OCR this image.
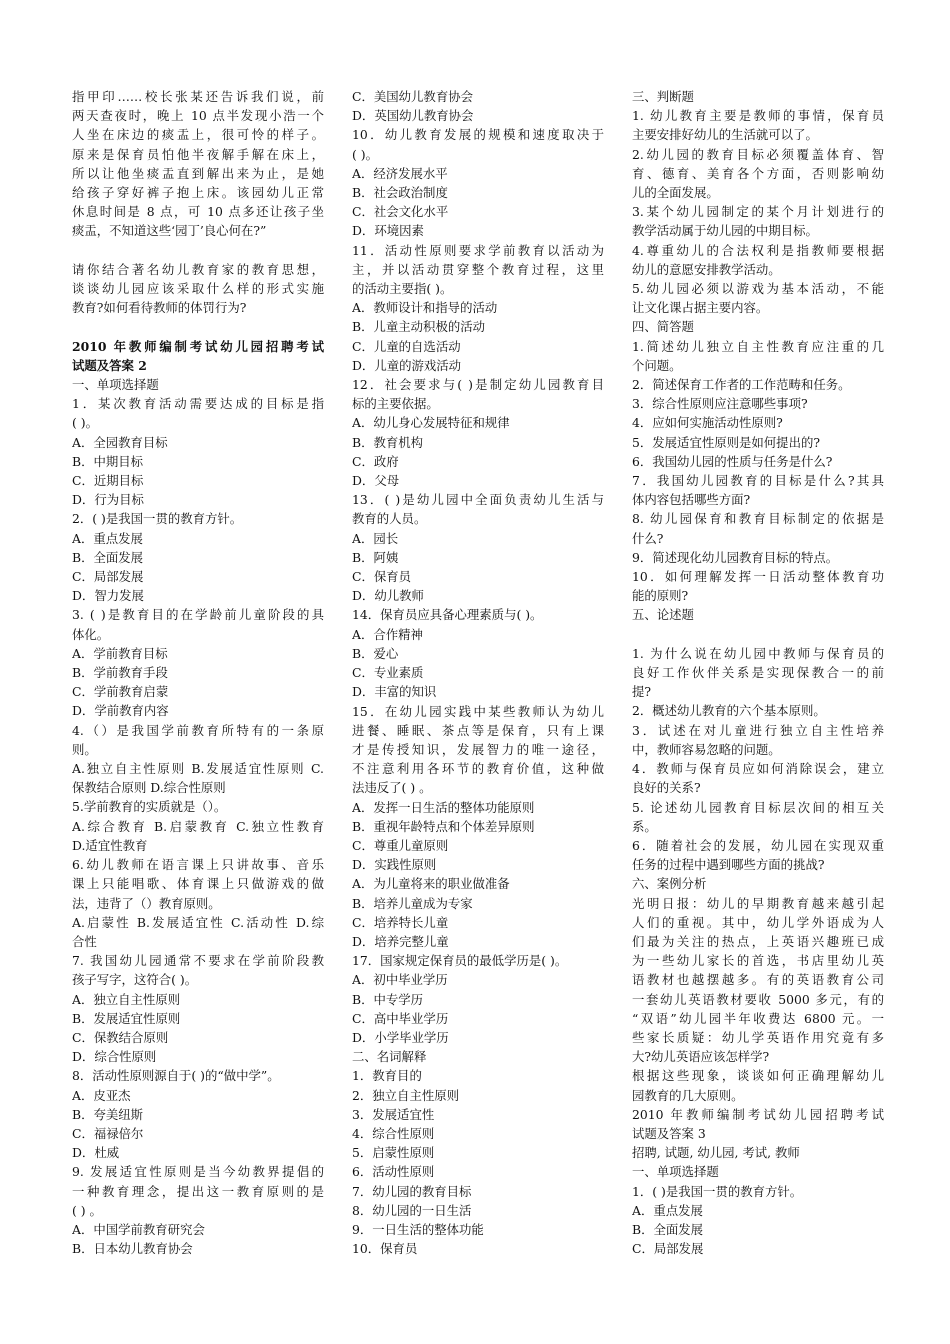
指甲印……校长张某还告诉我们说，前
两天查夜时，晚上 10 点半发现小浩一个
人坐在床边的痰盂上，很可怜的样子。
原来是保育员怕他半夜解手解在床上，
所以让他坐痰盂直到解出来为止，是她
给孩子穿好裤子抱上床。该园幼儿正常
休息时间是 8 点，可 10 点多还让孩子坐
痰盂，不知道这些‘园丁’良心何在?”
请你结合著名幼儿教育家的教育思想，
谈谈幼儿园应该采取什么样的形式实施
教育?如何看待教师的体罚行为?
2010 年教师编制考试幼儿园招聘考试
试题及答案 2
一、单项选择题
1．某次教育活动需要达成的目标是指
( )。
A．全园教育目标
B．中期目标
C．近期目标
D．行为目标
2．( )是我国一贯的教育方针。
A．重点发展
B．全面发展
C．局部发展
D．智力发展
3. ( )是教育目的在学龄前儿童阶段的具
体化。
A．学前教育目标
B．学前教育手段
C．学前教育启蒙
D．学前教育内容
4.（）是我国学前教育所特有的一条原
则。
A.独立自主性原则 B.发展适宜性原则 C.
保教结合原则 D.综合性原则
5.学前教育的实质就是（）。
A.综合教育 B.启蒙教育 C.独立性教育
D.适宜性教育
6.幼儿教师在语言课上只讲故事、音乐
课上只能唱歌、体育课上只做游戏的做
法，违背了（）教育原则。
A.启蒙性 B.发展适宜性 C.活动性 D.综
合性
7. 我国幼儿园通常不要求在学前阶段教
孩子写字，这符合( )。
A．独立自主性原则
B．发展适宜性原则
C．保教结合原则
D．综合性原则
8．活动性原则源自于( )的“做中学”。
A．皮亚杰
B．夸美纽斯
C．福禄倍尔
D．杜威
9. 发展适宜性原则是当今幼教界提倡的
一种教育理念，提出这一教育原则的是
( ) 。
A．中国学前教育研究会
B．日本幼儿教育协会
C．美国幼儿教育协会
D．英国幼儿教育协会
10．幼儿教育发展的规模和速度取决于
( )。
A．经济发展水平
B．社会政治制度
C．社会文化水平
D．环境因素
11．活动性原则要求学前教育以活动为
主，并以活动贯穿整个教育过程，这里
的活动主要指( )。
A．教师设计和指导的活动
B．儿童主动积极的活动
C．儿童的自选活动
D．儿童的游戏活动
12．社会要求与( )是制定幼儿园教育目
标的主要依据。
A．幼儿身心发展特征和规律
B．教育机构
C．政府
D．父母
13．( )是幼儿园中全面负责幼儿生活与
教育的人员。
A．园长
B．阿姨
C．保育员
D．幼儿教师
14．保育员应具备心理素质与( )。
A．合作精神
B．爱心
C．专业素质
D．丰富的知识
15．在幼儿园实践中某些教师认为幼儿
进餐、睡眠、茶点等是保育，只有上课
才是传授知识，发展智力的唯一途径，
不注意利用各环节的教育价值，这种做
法违反了( ) 。
A．发挥一日生活的整体功能原则
B．重视年龄特点和个体差异原则
C．尊重儿童原则
D．实践性原则
A．为儿童将来的职业做准备
B．培养儿童成为专家
C．培养特长儿童
D．培养完整儿童
17．国家规定保育员的最低学历是( )。
A．初中毕业学历
B．中专学历
C．高中毕业学历
D．小学毕业学历
二、名词解释
1．教育目的
2．独立自主性原则
3．发展适宜性
4．综合性原则
5．启蒙性原则
6．活动性原则
7．幼儿园的教育目标
8．幼儿园的一日生活
9．一日生活的整体功能
10．保育员
三、判断题
1. 幼儿教育主要是教师的事情，保育员
主要安排好幼儿的生活就可以了。
2.幼儿园的教育目标必须覆盖体育、智
育、德育、美育各个方面，否则影响幼
儿的全面发展。
3.某个幼儿园制定的某个月计划进行的
教学活动属于幼儿园的中期目标。
4.尊重幼儿的合法权利是指教师要根据
幼儿的意愿安排教学活动。
5.幼儿园必须以游戏为基本活动，不能
让文化课占据主要内容。
四、简答题
1.简述幼儿独立自主性教育应注重的几
个问题。
2．简述保育工作者的工作范畴和任务。
3．综合性原则应注意哪些事项?
4．应如何实施活动性原则?
5．发展适宜性原则是如何提出的?
6．我国幼儿园的性质与任务是什么?
7．我国幼儿园教育的目标是什么?其具
体内容包括哪些方面?
8. 幼儿园保育和教育目标制定的依据是
什么?
9．简述现化幼儿园教育目标的特点。
10．如何理解发挥一日活动整体教育功
能的原则?
五、论述题
1. 为什么说在幼儿园中教师与保育员的
良好工作伙伴关系是实现保教合一的前
提?
2．概述幼儿教育的六个基本原则。
3．试述在对儿童进行独立自主性培养
中，教师容易忽略的问题。
4．教师与保育员应如何消除误会，建立
良好的关系?
5. 论述幼儿园教育目标层次间的相互关
系。
6．随着社会的发展，幼儿园在实现双重
任务的过程中遇到哪些方面的挑战?
六、案例分析
光明日报：幼儿的早期教育越来越引起
人们的重视。其中，幼儿学外语成为人
们最为关注的热点，上英语兴趣班已成
为一些幼儿家长的首选，书店里幼儿英
语教材也越摆越多。有的英语教育公司
一套幼儿英语教材要收 5000 多元，有的
“双语”幼儿园半年收费达 6800 元。一
些家长质疑：幼儿学英语作用究竟有多
大?幼儿英语应该怎样学?
根据这些现象，谈谈如何正确理解幼儿
园教育的几大原则。
2010 年教师编制考试幼儿园招聘考试
试题及答案 3
招聘, 试题, 幼儿园, 考试, 教师
一、单项选择题
1．( )是我国一贯的教育方针。
A．重点发展
B．全面发展
C．局部发展
